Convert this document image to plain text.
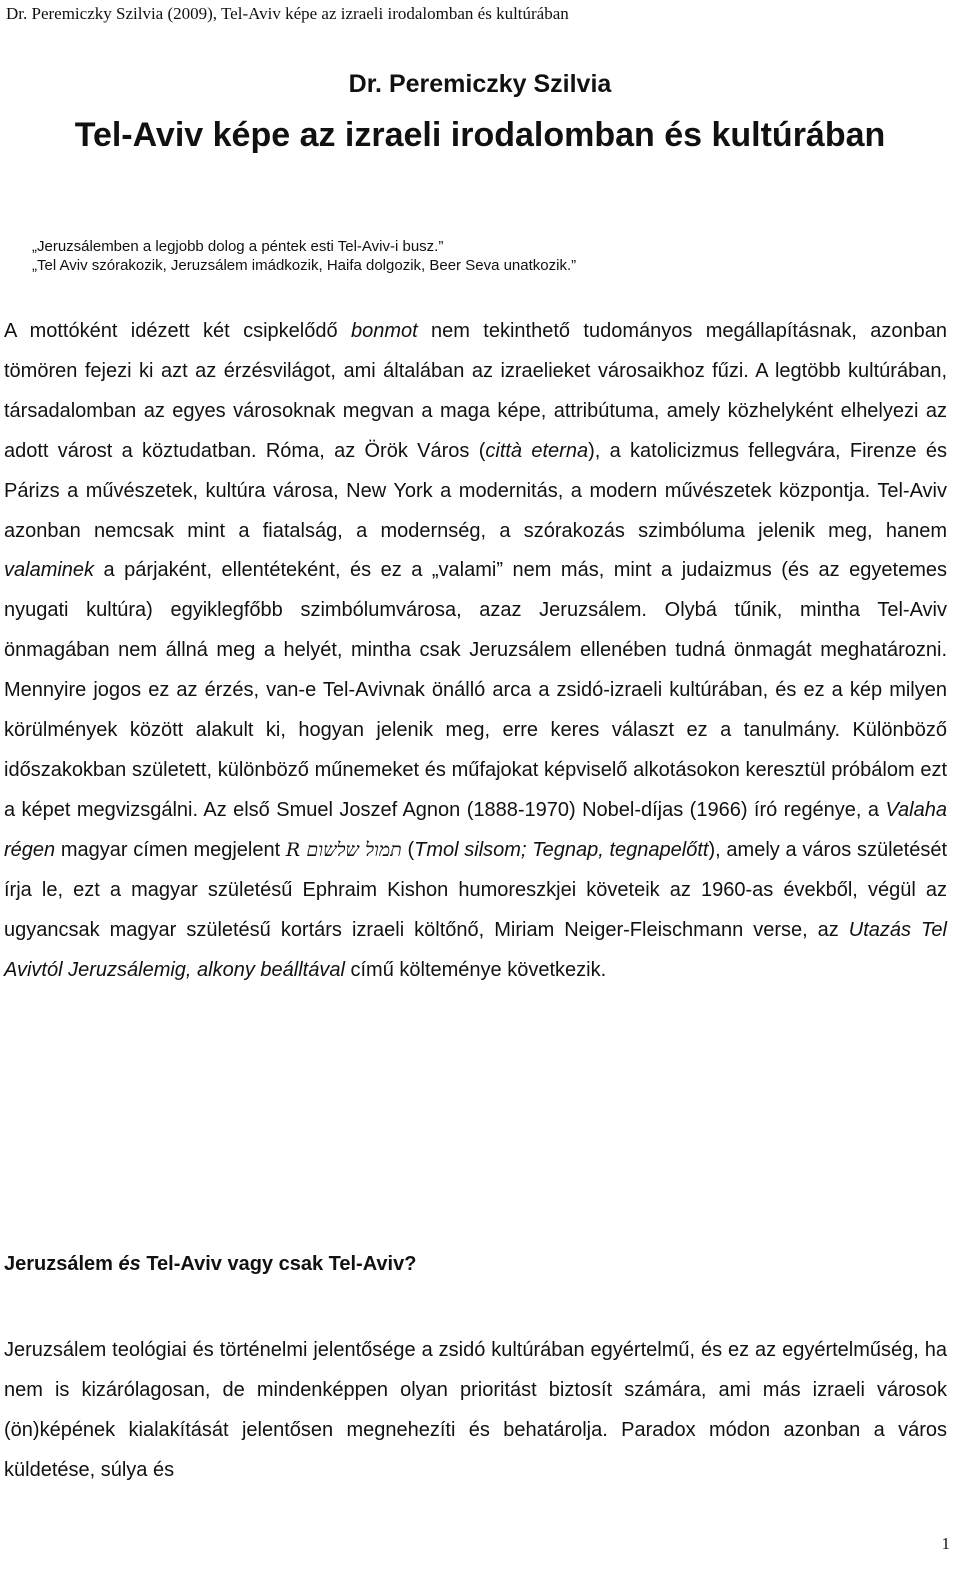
Dr. Peremiczky Szilvia (2009), Tel-Aviv képe az izraeli irodalomban és kultúrában
Dr. Peremiczky Szilvia
Tel-Aviv képe az izraeli irodalomban és kultúrában
„Jeruzsálemben a legjobb dolog a péntek esti Tel-Aviv-i busz.”
„Tel Aviv szórakozik, Jeruzsálem imádkozik, Haifa dolgozik, Beer Seva unatkozik.”

A mottóként idézett két csipkelődő bonmot nem tekinthető tudományos megállapításnak, azonban tömören fejezi ki azt az érzésvilágot, ami általában az izraelieket városaikhoz fűzi. A legtöbb kultúrában, társadalomban az egyes városoknak megvan a maga képe, attribútuma, amely közhelyként elhelyezi az adott várost a köztudatban. Róma, az Örök Város (città eterna), a katolicizmus fellegvára, Firenze és Párizs a művészetek, kultúra városa, New York a modernitás, a modern művészetek központja. Tel-Aviv azonban nemcsak mint a fiatalság, a modernség, a szórakozás szimbóluma jelenik meg, hanem valaminek a párjaként, ellentéteként, és ez a „valami” nem más, mint a judaizmus (és az egyetemes nyugati kultúra) egyiklegfőbb szimbólumvárosa, azaz Jeruzsálem. Olybá tűnik, mintha Tel-Aviv önmagában nem állná meg a helyét, mintha csak Jeruzsálem ellenében tudná önmagát meghatározni. Mennyire jogos ez az érzés, van-e Tel-Avivnak önálló arca a zsidó-izraeli kultúrában, és ez a kép milyen körülmények között alakult ki, hogyan jelenik meg, erre keres választ ez a tanulmány. Különböző időszakokban született, különböző műnemeket és műfajokat képviselő alkotásokon keresztül próbálom ezt a képet megvizsgálni. Az első Smuel Joszef Agnon (1888-1970) Nobel-díjas (1966) író regénye, a Valaha régen magyar címen megjelent R תמול שלשום (Tmol silsom; Tegnap, tegnapelőtt), amely a város születését írja le, ezt a magyar születésű Ephraim Kishon humoreszkjei követeik az 1960-as évekből, végül az ugyancsak magyar születésű kortárs izraeli költőnő, Miriam Neiger-Fleischmann verse, az Utazás Tel Avivtól Jeruzsálemig, alkony beálltával című költeménye következik.

Jeruzsálem és Tel-Aviv vagy csak Tel-Aviv?

Jeruzsálem teológiai és történelmi jelentősége a zsidó kultúrában egyértelmű, és ez az egyértelműség, ha nem is kizárólagosan, de mindenképpen olyan prioritást biztosít számára, ami más izraeli városok (ön)képének kialakítását jelentősen megnehezíti és behatárolja. Paradox módon azonban a város küldetése, súlya és

1
